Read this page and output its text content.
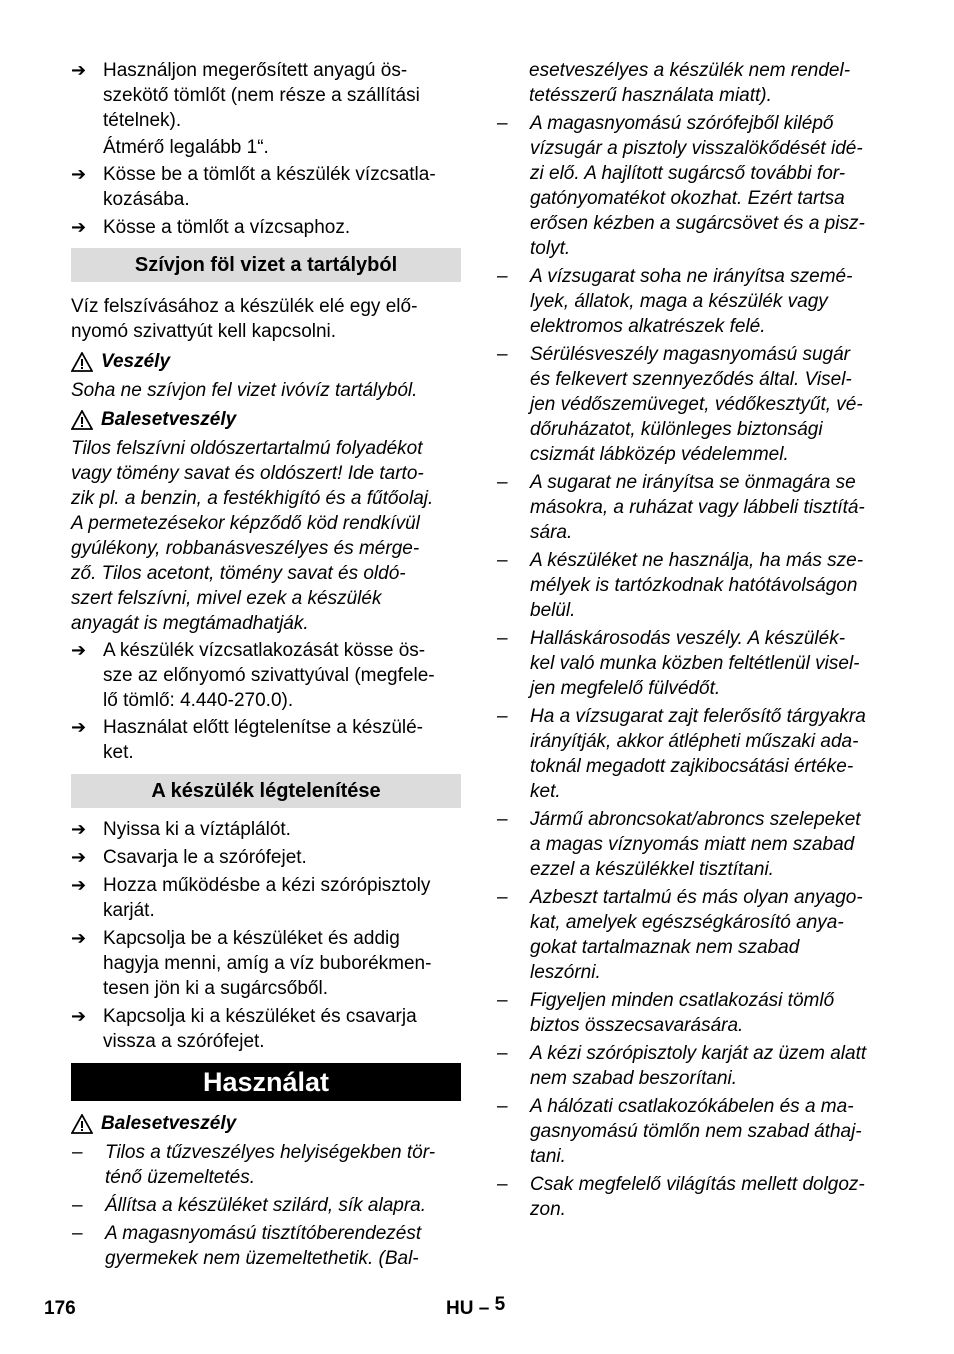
➔ Használjon megerősített anyagú ös-
szekötő tömlőt (nem része a szállítási
tételnek).
Átmérő legalább 1“.
➔ Kösse be a tömlőt a készülék vízcsatla-
kozásába.
➔ Kösse a tömlőt a vízcsaphoz.
Szívjon föl vizet a tartályból
Víz felszívásához a készülék elé egy elő-
nyomó szivattyút kell kapcsolni.
Veszély
Soha ne szívjon fel vizet ivóvíz tartályból.
Balesetveszély
Tilos felszívni oldószertartalmú folyadékot
vagy tömény savat és oldószert! Ide tarto-
zik pl. a benzin, a festékhigító és a fűtőolaj.
A permetezésekor képződő köd rendkívül
gyúlékony, robbanásveszélyes és mérge-
ző. Tilos acetont, tömény savat és oldó-
szert felszívni, mivel ezek a készülék
anyagát is megtámadhatják.
➔ A készülék vízcsatlakozását kösse ös-
sze az előnyomó szivattyúval (megfele-
lő tömlő: 4.440-270.0).
➔ Használat előtt légtelenítse a készülé-
ket.
A készülék légtelenítése
➔ Nyissa ki a víztáplálót.
➔ Csavarja le a szórófejet.
➔ Hozza működésbe a kézi szórópisztoly
karját.
➔ Kapcsolja be a készüléket és addig
hagyja menni, amíg a víz buborékmen-
tesen jön ki a sugárcsőből.
➔ Kapcsolja ki a készüléket és csavarja
vissza a szórófejet.
Használat
Balesetveszély
–	Tilos a tűzveszélyes helyiségekben tör-
ténő üzemeltetés.
–	Állítsa a készüléket szilárd, sík alapra.
–	A magasnyomású tisztítóberendezést
gyermekek nem üzemeltethetik. (Bal-
esetveszélyes a készülék nem rendel-
tetésszerű használata miatt).
–	A magasnyomású szórófejből kilépő
vízsugár a pisztoly visszalökődését idé-
zi elő. A hajlított sugárcső további for-
gatónyomatékot okozhat. Ezért tartsa
erősen kézben a sugárcsövet és a pisz-
tolyt.
–	A vízsugarat soha ne irányítsa szemé-
lyek, állatok, maga a készülék vagy
elektromos alkatrészek felé.
–	Sérülésveszély magasnyomású sugár
és felkevert szennyeződés által. Visel-
jen védőszemüveget, védőkesztyűt, vé-
dőruházatot, különleges biztonsági
csizmát lábközép védelemmel.
–	A sugarat ne irányítsa se önmagára se
másokra, a ruházat vagy lábbeli tisztítá-
sára.
–	A készüléket ne használja, ha más sze-
mélyek is tartózkodnak hatótávolságon
belül.
–	Halláskárosodás veszély. A készülék-
kel való munka közben feltétlenül visel-
jen megfelelő fülvédőt.
–	Ha a vízsugarat zajt felerősítő tárgyakra
irányítják, akkor átlépheti műszaki ada-
toknál megadott zajkibocsátási értéke-
ket.
–	Jármű abroncsokat/abroncs szelepeket
a magas víznyomás miatt nem szabad
ezzel a készülékkel tisztítani.
–	Azbeszt tartalmú és más olyan anyago-
kat, amelyek egészségkárosító anya-
gokat tartalmaznak nem szabad
leszórni.
–	Figyeljen minden csatlakozási tömlő
biztos összecsavarására.
–	A kézi szórópisztoly karját az üzem alatt
nem szabad beszorítani.
–	A hálózati csatlakozókábelen és a ma-
gasnyomású tömlőn nem szabad áthaj-
tani.
–	Csak megfelelő világítás mellett dolgoz-
zon.
176	HU – 5
